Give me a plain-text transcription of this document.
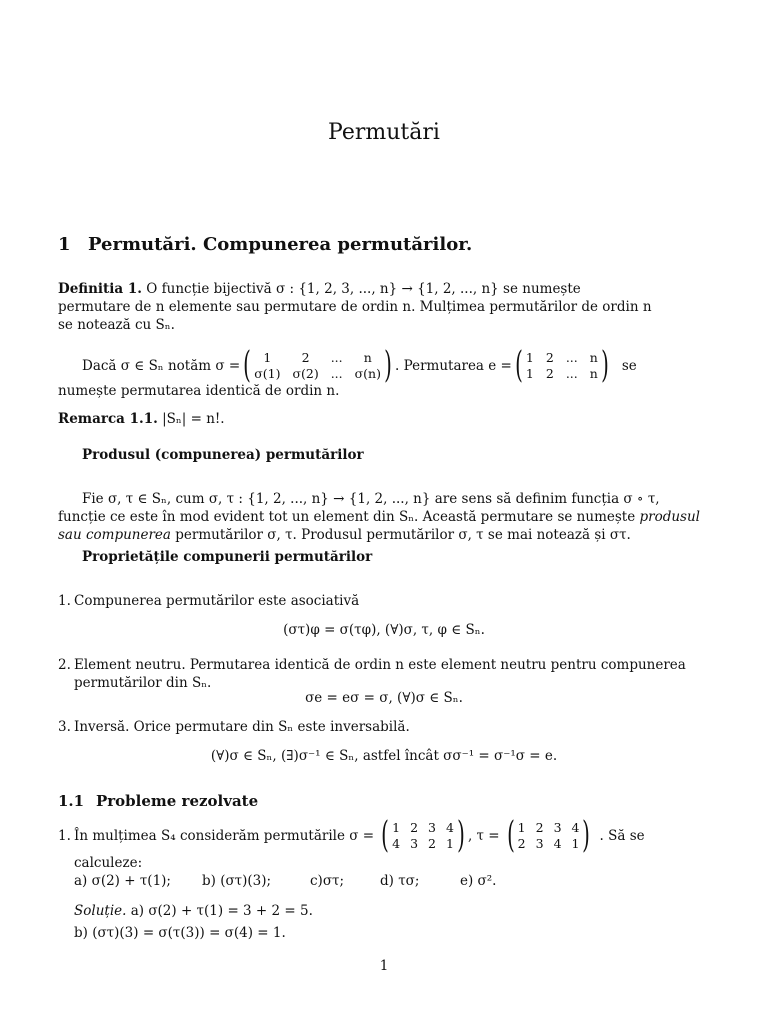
Permutări
1 Permutări. Compunerea permutărilor.
Definitia 1. O funcție bijectivă σ : {1, 2, 3, ..., n} → {1, 2, ..., n} se numește
permutare de n elemente sau permutare de ordin n. Mulțimea permutărilor de ordin n
se notează cu Sₙ.
Dacă σ ∈ Sₙ notăm σ = ( 1	2	...	n
σ(1) σ(2) ... σ(n) ) . Permutarea e = ( 1 2 ... n
1 2 ... n ) se
numește permutarea identică de ordin n.
Remarca 1.1. |Sₙ| = n!.
Produsul (compunerea) permutărilor
Fie σ, τ ∈ Sₙ, cum σ, τ : {1, 2, ..., n} → {1, 2, ..., n} are sens să definim funcția σ ∘ τ,
funcție ce este în mod evident tot un element din Sₙ. Această permutare se numește produsul
sau compunerea permutărilor σ, τ. Produsul permutărilor σ, τ se mai notează și στ.
Proprietățile compunerii permutărilor
1. Compunerea permutărilor este asociativă
(στ)φ = σ(τφ), (∀)σ, τ, φ ∈ Sₙ.
2. Element neutru. Permutarea identică de ordin n este element neutru pentru compunerea
permutărilor din Sₙ.
σe = eσ = σ, (∀)σ ∈ Sₙ.
3. Inversă. Orice permutare din Sₙ este inversabilă.
(∀)σ ∈ Sₙ, (∃)σ⁻¹ ∈ Sₙ, astfel încât σσ⁻¹ = σ⁻¹σ = e.
1.1 Probleme rezolvate
1. În mulțimea S₄ considerăm permutările σ = ( 1 2 3 4
4 3 2 1 ) , τ = ( 1 2 3 4
2 3 4 1 ) . Să se
calculeze:
a) σ(2) + τ(1); b) (στ)(3);	c)στ;	d) τσ;	e) σ².
Soluție. a) σ(2) + τ(1) = 3 + 2 = 5.
b) (στ)(3) = σ(τ(3)) = σ(4) = 1.
1
